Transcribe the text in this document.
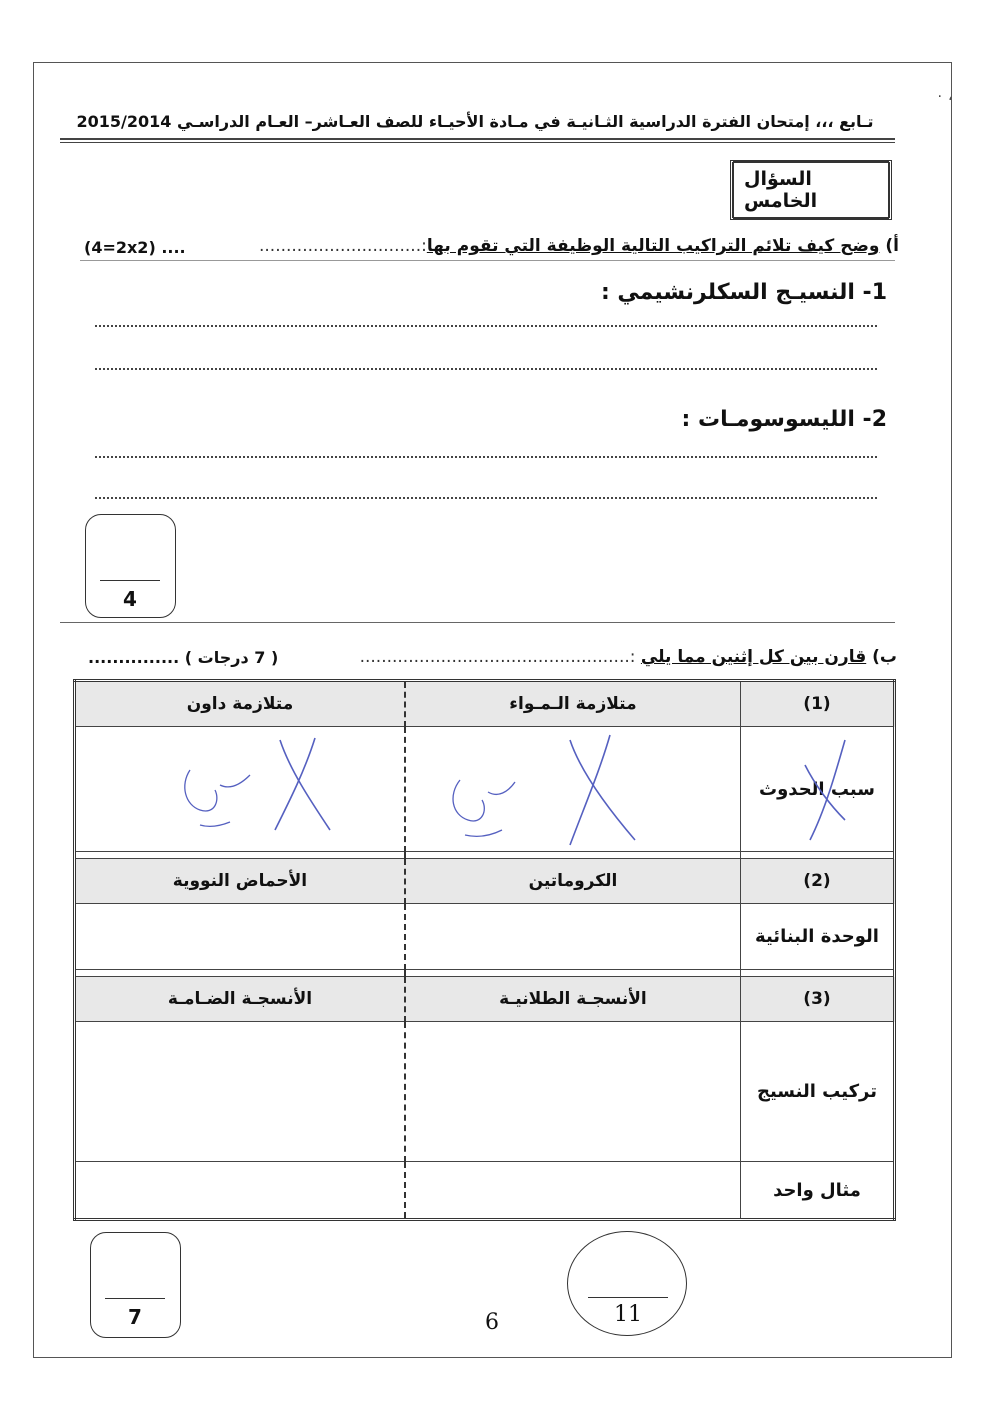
٠ ،
تـابع ،،، إمتحان الفترة الدراسية الثـانيـة في مـادة الأحيـاء للصف العـاشر– العـام الدراسـي 2015/2014
السؤال الخامس
أ) وضح كيف تلائم التراكيب التالية الوظيفة التي تقوم بها:..............................
(4=2x2) ....
1- النسيـج السكلرنشيمي :
2- الليسوسومـات :
4
ب) قارن بين كل إثنين مما يلي :..................................................
( 7 درجات ) ...............
(1)	متلازمة الـمـواء	متلازمة داون
سبب الحدوث		

(2)	الكروماتين	الأحماض النووية
الوحدة البنائية		

(3)	الأنسجـة الطلانيـة	الأنسجـة الضـامـة
تركيب النسيج		
مثال واحد		
7	6	11
